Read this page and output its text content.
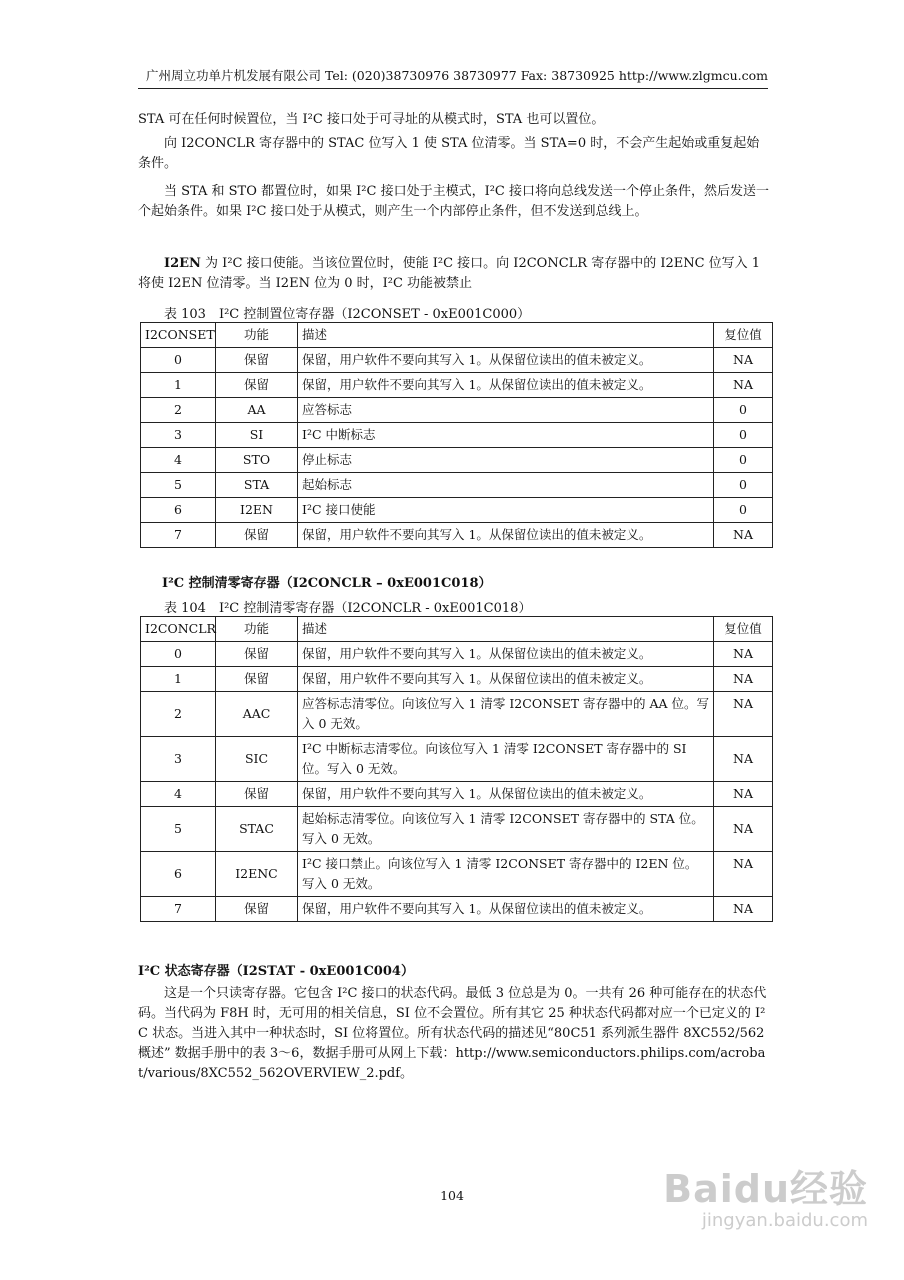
广州周立功单片机发展有限公司 Tel: (020)38730976 38730977 Fax: 38730925 http://www.zlgmcu.com
STA 可在任何时候置位，当 I²C 接口处于可寻址的从模式时，STA 也可以置位。
　　向 I2CONCLR 寄存器中的 STAC 位写入 1 使 STA 位清零。当 STA=0 时，不会产生起始或重复起始条件。
　　当 STA 和 STO 都置位时，如果 I²C 接口处于主模式，I²C 接口将向总线发送一个停止条件，然后发送一个起始条件。如果 I²C 接口处于从模式，则产生一个内部停止条件，但不发送到总线上。
I2EN 为 I²C 接口使能。当该位置位时，使能 I²C 接口。向 I2CONCLR 寄存器中的 I2ENC 位写入 1 将使 I2EN 位清零。当 I2EN 位为 0 时，I²C 功能被禁止
表 103　I²C 控制置位寄存器（I2CONSET - 0xE001C000）
I2CONSET	功能	描述	复位值
0	保留	保留，用户软件不要向其写入 1。从保留位读出的值未被定义。	NA
1	保留	保留，用户软件不要向其写入 1。从保留位读出的值未被定义。	NA
2	AA	应答标志	0
3	SI	I²C 中断标志	0
4	STO	停止标志	0
5	STA	起始标志	0
6	I2EN	I²C 接口使能	0
7	保留	保留，用户软件不要向其写入 1。从保留位读出的值未被定义。	NA
I²C 控制清零寄存器（I2CONCLR – 0xE001C018）
表 104　I²C 控制清零寄存器（I2CONCLR - 0xE001C018）
I2CONCLR	功能	描述	复位值
0	保留	保留，用户软件不要向其写入 1。从保留位读出的值未被定义。	NA
1	保留	保留，用户软件不要向其写入 1。从保留位读出的值未被定义。	NA
2	AAC	应答标志清零位。向该位写入 1 清零 I2CONSET 寄存器中的 AA 位。写入 0 无效。	NA
3	SIC	I²C 中断标志清零位。向该位写入 1 清零 I2CONSET 寄存器中的 SI 位。写入 0 无效。	NA
4	保留	保留，用户软件不要向其写入 1。从保留位读出的值未被定义。	NA
5	STAC	起始标志清零位。向该位写入 1 清零 I2CONSET 寄存器中的 STA 位。写入 0 无效。	NA
6	I2ENC	I²C 接口禁止。向该位写入 1 清零 I2CONSET 寄存器中的 I2EN 位。写入 0 无效。	NA
7	保留	保留，用户软件不要向其写入 1。从保留位读出的值未被定义。	NA
I²C 状态寄存器（I2STAT - 0xE001C004）
　　这是一个只读寄存器。它包含 I²C 接口的状态代码。最低 3 位总是为 0。一共有 26 种可能存在的状态代码。当代码为 F8H 时，无可用的相关信息，SI 位不会置位。所有其它 25 种状态代码都对应一个已定义的 I²C 状态。当进入其中一种状态时，SI 位将置位。所有状态代码的描述见“80C51 系列派生器件 8XC552/562 概述” 数据手册中的表 3～6，数据手册可从网上下载：http://www.semiconductors.philips.com/acrobat/various/8XC552_562OVERVIEW_2.pdf。
104	Baidu经验
jingyan.baidu.com
